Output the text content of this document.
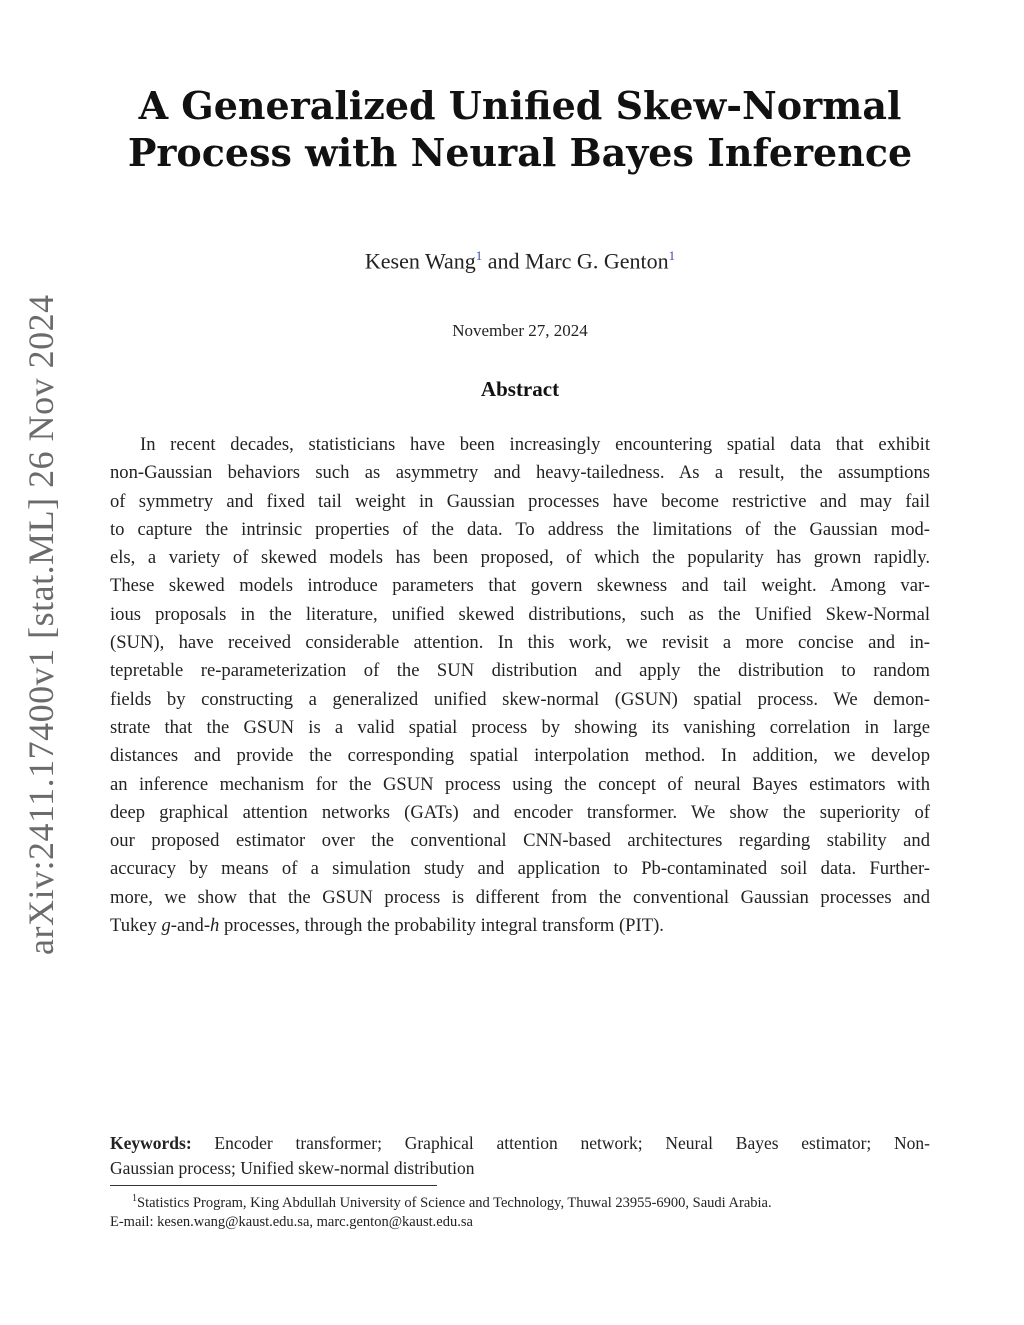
arXiv:2411.17400v1 [stat.ML] 26 Nov 2024
A Generalized Unified Skew-Normal
Process with Neural Bayes Inference
Kesen Wang$^1$ and Marc G. Genton$^1$
November 27, 2024
Abstract
In recent decades, statisticians have been increasingly encountering spatial data that exhibit
non-Gaussian behaviors such as asymmetry and heavy-tailedness. As a result, the assumptions
of symmetry and fixed tail weight in Gaussian processes have become restrictive and may fail
to capture the intrinsic properties of the data. To address the limitations of the Gaussian mod-
els, a variety of skewed models has been proposed, of which the popularity has grown rapidly.
These skewed models introduce parameters that govern skewness and tail weight. Among var-
ious proposals in the literature, unified skewed distributions, such as the Unified Skew-Normal
(SUN), have received considerable attention. In this work, we revisit a more concise and in-
tepretable re-parameterization of the SUN distribution and apply the distribution to random
fields by constructing a generalized unified skew-normal (GSUN) spatial process. We demon-
strate that the GSUN is a valid spatial process by showing its vanishing correlation in large
distances and provide the corresponding spatial interpolation method. In addition, we develop
an inference mechanism for the GSUN process using the concept of neural Bayes estimators with
deep graphical attention networks (GATs) and encoder transformer. We show the superiority of
our proposed estimator over the conventional CNN-based architectures regarding stability and
accuracy by means of a simulation study and application to Pb-contaminated soil data. Further-
more, we show that the GSUN process is different from the conventional Gaussian processes and
Tukey g-and-h processes, through the probability integral transform (PIT).
Keywords: Encoder transformer; Graphical attention network; Neural Bayes estimator; Non-
Gaussian process; Unified skew-normal distribution
$^1$Statistics Program, King Abdullah University of Science and Technology, Thuwal 23955-6900, Saudi Arabia.
E-mail: kesen.wang@kaust.edu.sa, marc.genton@kaust.edu.sa
